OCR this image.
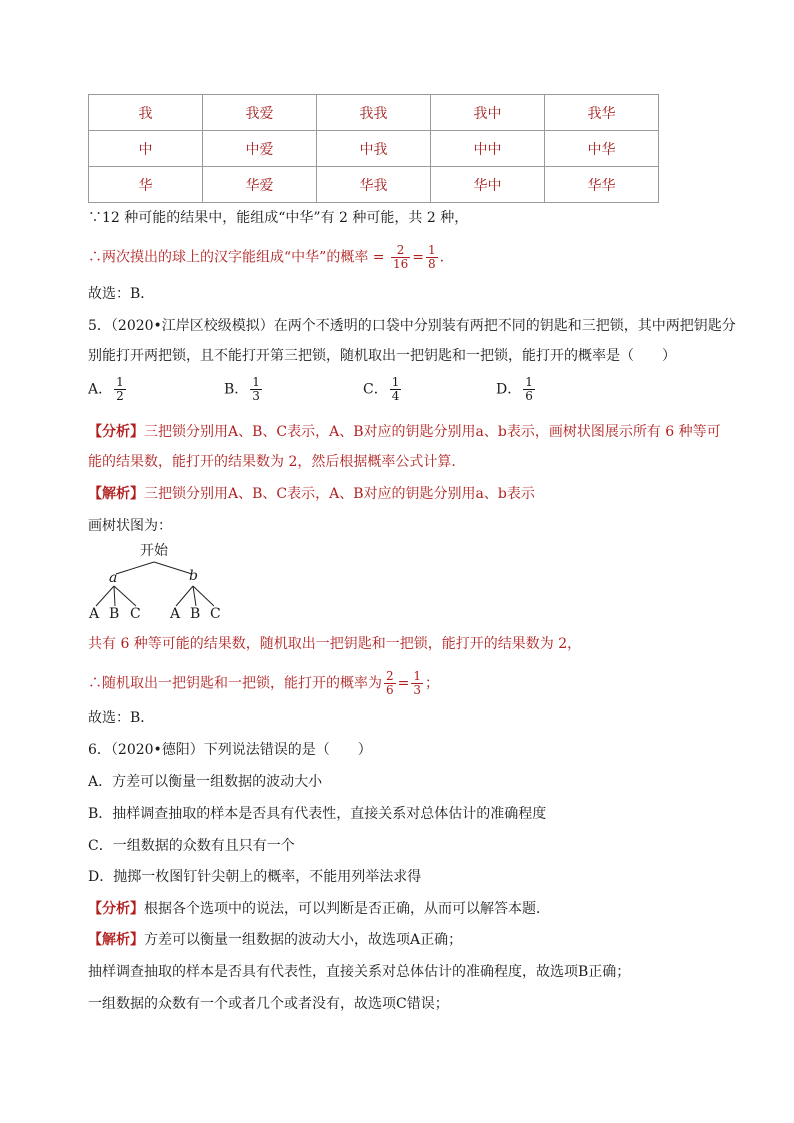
我	我爱	我我	我中	我华
中	中爱	中我	中中	中华
华	华爱	华我	华中	华华
∵12 种可能的结果中，能组成“中华”有 2 种可能，共 2 种，
∴两次摸出的球上的汉字能组成“中华”的概率 = $\frac{2}{16} = \frac{1}{8}$ .
故选：B．
5．（2020•江岸区校级模拟）在两个不透明的口袋中分别装有两把不同的钥匙和三把锁，其中两把钥匙分
别能打开两把锁，且不能打开第三把锁，随机取出一把钥匙和一把锁，能打开的概率是（　　）
A． $\frac{1}{2}$	B． $\frac{1}{3}$	C． $\frac{1}{4}$	D． $\frac{1}{6}$
【分析】三把锁分别用A、B、C表示，A、B对应的钥匙分别用a、b表示，画树状图展示所有 6 种等可
能的结果数，能打开的结果数为 2，然后根据概率公式计算．
【解析】三把锁分别用A、B、C表示，A、B对应的钥匙分别用a、b表示
画树状图为：
开始
a	b
A B C A B C
共有 6 种等可能的结果数，随机取出一把钥匙和一把锁，能打开的结果数为 2，
∴随机取出一把钥匙和一把锁，能打开的概率为 $\frac{2}{6} = \frac{1}{3}$ ；
故选：B．
6．（2020•德阳）下列说法错误的是（　　）
A．方差可以衡量一组数据的波动大小
B．抽样调查抽取的样本是否具有代表性，直接关系对总体估计的准确程度
C．一组数据的众数有且只有一个
D．抛掷一枚图钉针尖朝上的概率，不能用列举法求得
【分析】根据各个选项中的说法，可以判断是否正确，从而可以解答本题．
【解析】方差可以衡量一组数据的波动大小，故选项A正确；
抽样调查抽取的样本是否具有代表性，直接关系对总体估计的准确程度，故选项B正确；
一组数据的众数有一个或者几个或者没有，故选项C错误；
